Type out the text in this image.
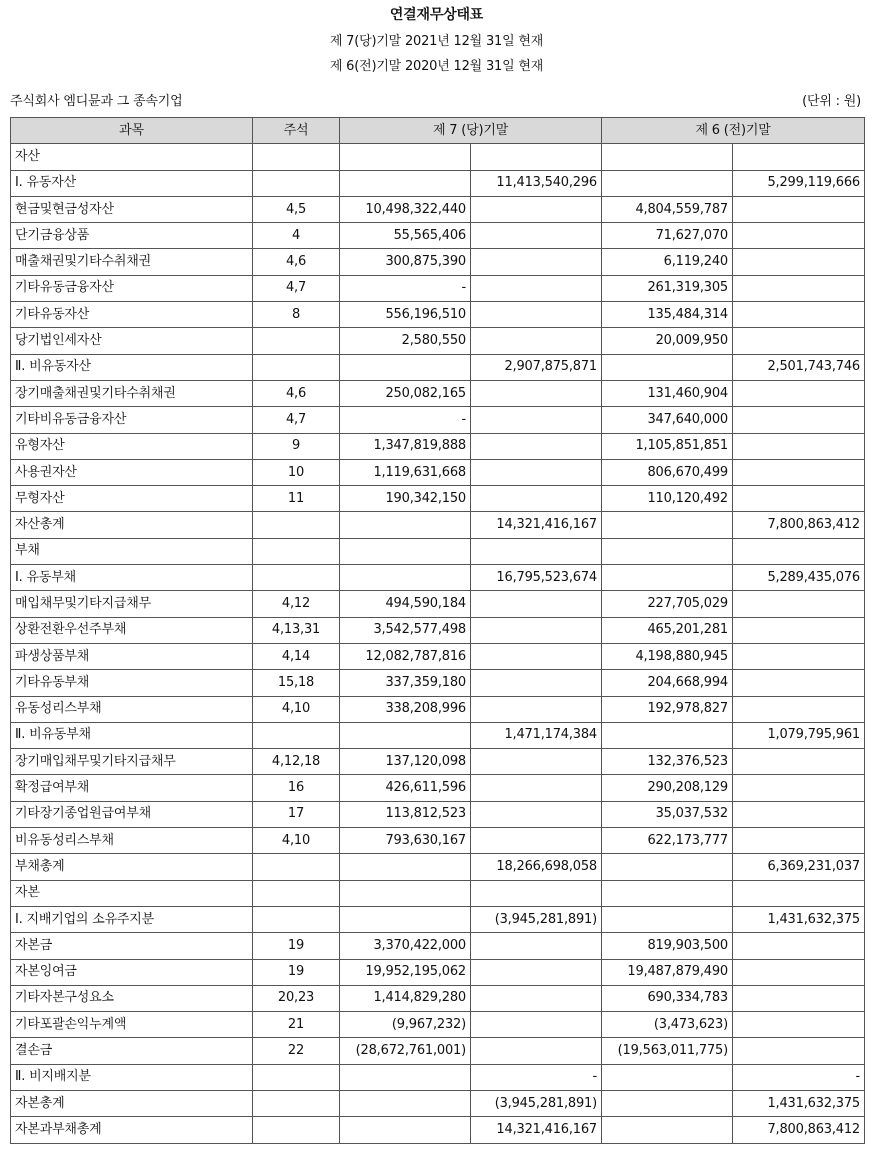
연결재무상태표
제 7(당)기말 2021년 12월 31일 현재
제 6(전)기말 2020년 12월 31일 현재
주식회사 엠디뮨과 그 종속기업	(단위 : 원)
과목	주석	제 7 (당)기말		제 6 (전)기말	
자산					
Ⅰ. 유동자산			11,413,540,296		5,299,119,666
현금및현금성자산	4,5	10,498,322,440		4,804,559,787	
단기금융상품	4	55,565,406		71,627,070	
매출채권및기타수취채권	4,6	300,875,390		6,119,240	
기타유동금융자산	4,7	-		261,319,305	
기타유동자산	8	556,196,510		135,484,314	
당기법인세자산		2,580,550		20,009,950	
Ⅱ. 비유동자산			2,907,875,871		2,501,743,746
장기매출채권및기타수취채권	4,6	250,082,165		131,460,904	
기타비유동금융자산	4,7	-		347,640,000	
유형자산	9	1,347,819,888		1,105,851,851	
사용권자산	10	1,119,631,668		806,670,499	
무형자산	11	190,342,150		110,120,492	
자산총계			14,321,416,167		7,800,863,412
부채					
Ⅰ. 유동부채			16,795,523,674		5,289,435,076
매입채무및기타지급채무	4,12	494,590,184		227,705,029	
상환전환우선주부채	4,13,31	3,542,577,498		465,201,281	
파생상품부채	4,14	12,082,787,816		4,198,880,945	
기타유동부채	15,18	337,359,180		204,668,994	
유동성리스부채	4,10	338,208,996		192,978,827	
Ⅱ. 비유동부채			1,471,174,384		1,079,795,961
장기매입채무및기타지급채무	4,12,18	137,120,098		132,376,523	
확정급여부채	16	426,611,596		290,208,129	
기타장기종업원급여부채	17	113,812,523		35,037,532	
비유동성리스부채	4,10	793,630,167		622,173,777	
부채총계			18,266,698,058		6,369,231,037
자본					
Ⅰ. 지배기업의 소유주지분			(3,945,281,891)		1,431,632,375
자본금	19	3,370,422,000		819,903,500	
자본잉여금	19	19,952,195,062		19,487,879,490	
기타자본구성요소	20,23	1,414,829,280		690,334,783	
기타포괄손익누계액	21	(9,967,232)		(3,473,623)	
결손금	22	(28,672,761,001)		(19,563,011,775)	
Ⅱ. 비지배지분			-		-
자본총계			(3,945,281,891)		1,431,632,375
자본과부채총계			14,321,416,167		7,800,863,412
